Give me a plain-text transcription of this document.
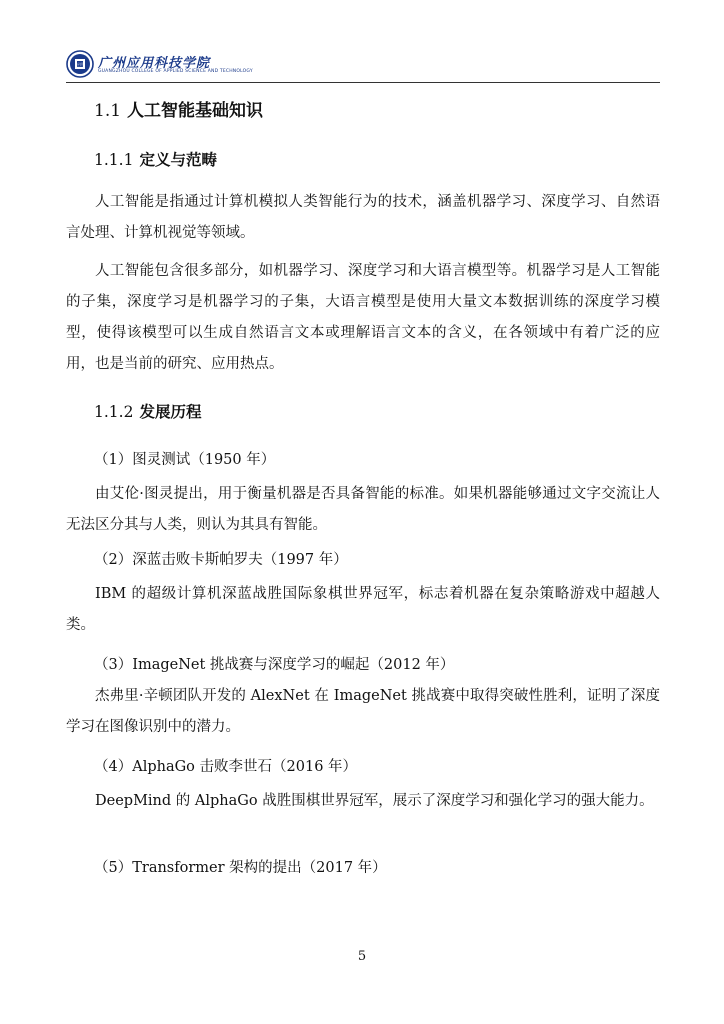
应用 广州应用科技学院
GUANGZHOU COLLEGE OF APPLIED SCIENCE AND TECHNOLOGY
1.1 人工智能基础知识
1.1.1 定义与范畴

人工智能是指通过计算机模拟人类智能行为的技术，涵盖机器学习、深度学习、自然语言处理、计算机视觉等领域。

人工智能包含很多部分，如机器学习、深度学习和大语言模型等。机器学习是人工智能的子集，深度学习是机器学习的子集，大语言模型是使用大量文本数据训练的深度学习模型，使得该模型可以生成自然语言文本或理解语言文本的含义，在各领域中有着广泛的应用，也是当前的研究、应用热点。

1.1.2 发展历程
（1）图灵测试（1950 年）

由艾伦·图灵提出，用于衡量机器是否具备智能的标准。如果机器能够通过文字交流让人无法区分其与人类，则认为其具有智能。

（2）深蓝击败卡斯帕罗夫（1997 年）

IBM 的超级计算机深蓝战胜国际象棋世界冠军，标志着机器在复杂策略游戏中超越人类。

（3）ImageNet 挑战赛与深度学习的崛起（2012 年）

杰弗里·辛顿团队开发的 AlexNet 在 ImageNet 挑战赛中取得突破性胜利，证明了深度学习在图像识别中的潜力。

（4）AlphaGo 击败李世石（2016 年）

DeepMind 的 AlphaGo 战胜围棋世界冠军，展示了深度学习和强化学习的强大能力。

（5）Transformer 架构的提出（2017 年）
5
